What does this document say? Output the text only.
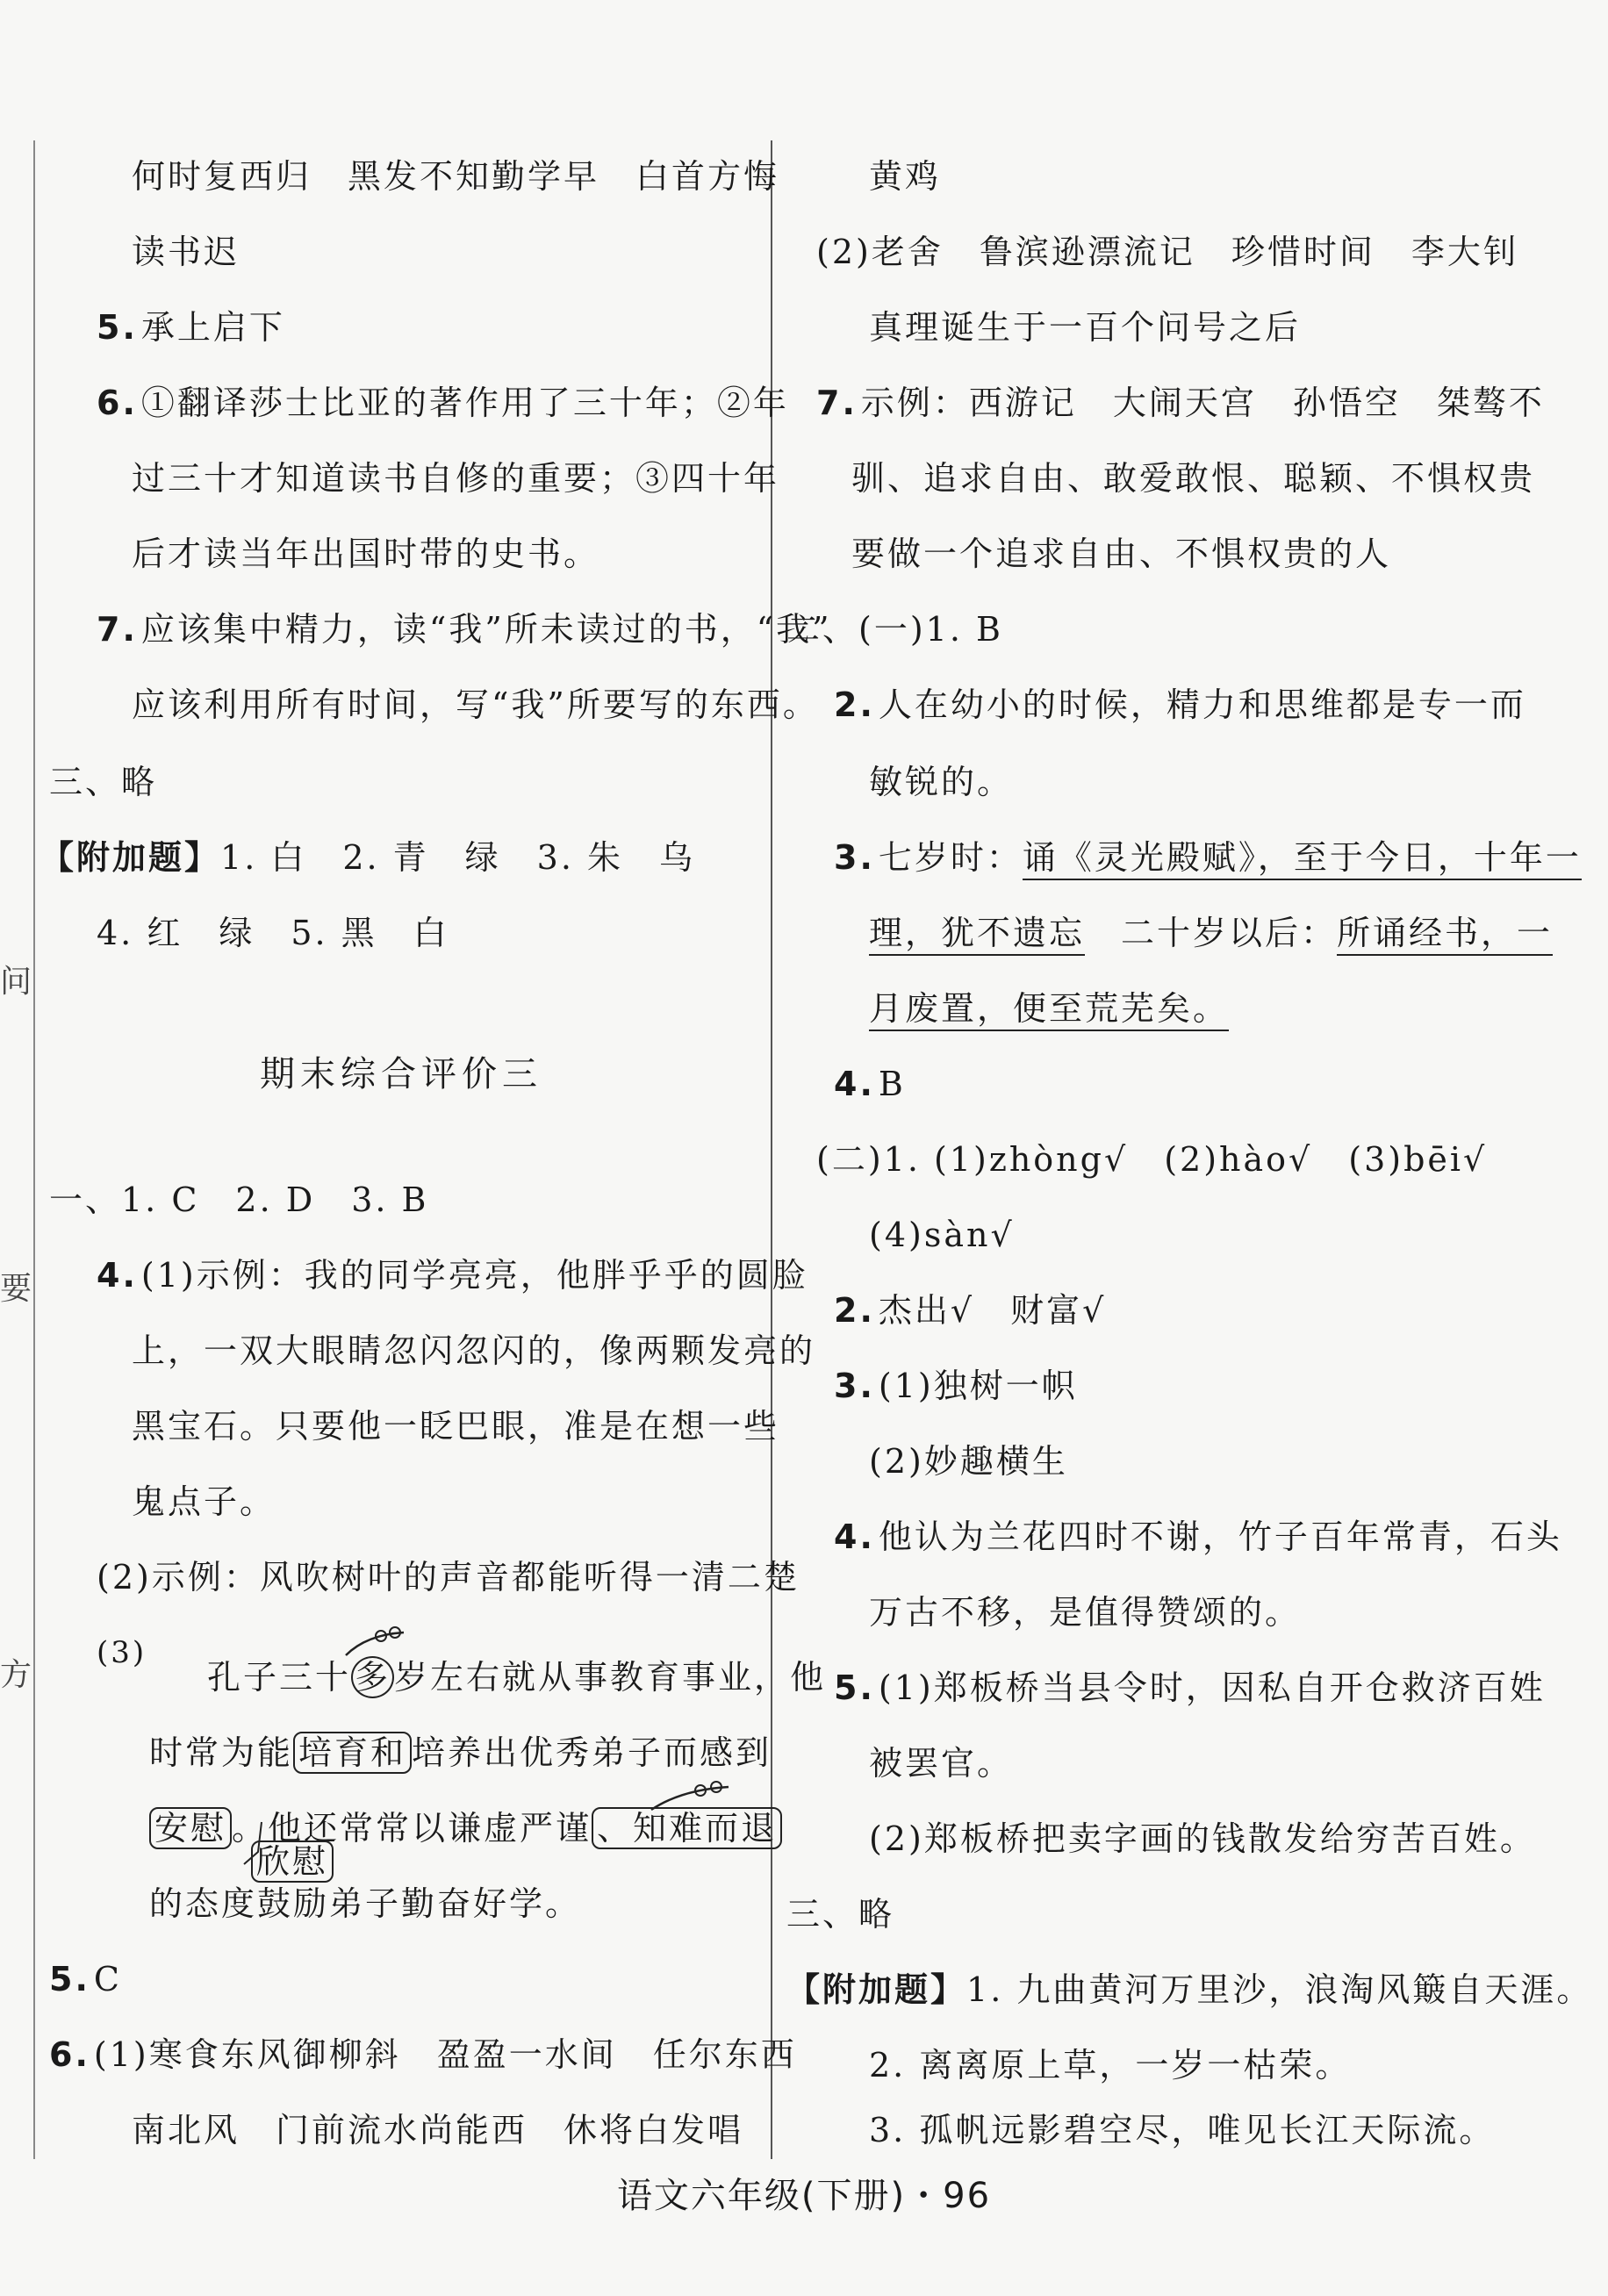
问
要
方
何时复西归　黑发不知勤学早　白首方悔
读书迟
5. 承上启下
6. ①翻译莎士比亚的著作用了三十年；②年
过三十才知道读书自修的重要；③四十年
后才读当年出国时带的史书。
7. 应该集中精力，读“我”所未读过的书，“我”
应该利用所有时间，写“我”所要写的东西。
三、略
【附加题】1. 白　2. 青　绿　3. 朱　乌
4. 红　绿　5. 黑　白
期末综合评价三
一、1. C　2. D　3. B
4. (1)示例：我的同学亮亮，他胖乎乎的圆脸
上，一双大眼睛忽闪忽闪的，像两颗发亮的
黑宝石。只要他一眨巴眼，准是在想一些
鬼点子。
(2)示例：风吹树叶的声音都能听得一清二楚
(3)
孔子三十 多 岁左右就从事教育事业，他
时常为能 培育和 培养出优秀弟子而感到
安慰 。他还常常以谦虚严谨 、知难而退
欣慰
的态度鼓励弟子勤奋好学。
5. C
6. (1)寒食东风御柳斜　盈盈一水间　任尔东西
南北风　门前流水尚能西　休将白发唱
黄鸡
(2)老舍　鲁滨逊漂流记　珍惜时间　李大钊
真理诞生于一百个问号之后
7. 示例：西游记　大闹天宫　孙悟空　桀骜不
驯、追求自由、敢爱敢恨、聪颖、不惧权贵
要做一个追求自由、不惧权贵的人
二、(一)1. B
2. 人在幼小的时候，精力和思维都是专一而
敏锐的。
3. 七岁时：诵《灵光殿赋》，至于今日，十年一
理，犹不遗忘　二十岁以后：所诵经书，一
月废置，便至荒芜矣。
4. B
(二)1. (1)zhòng√　(2)hào√　(3)bēi√
(4)sàn√
2. 杰出√　财富√
3. (1)独树一帜
(2)妙趣横生
4. 他认为兰花四时不谢，竹子百年常青，石头
万古不移，是值得赞颂的。
5. (1)郑板桥当县令时，因私自开仓救济百姓
被罢官。
(2)郑板桥把卖字画的钱散发给穷苦百姓。
三、略
【附加题】1. 九曲黄河万里沙，浪淘风簸自天涯。
2. 离离原上草，一岁一枯荣。
3. 孤帆远影碧空尽，唯见长江天际流。
语文六年级(下册)・96
